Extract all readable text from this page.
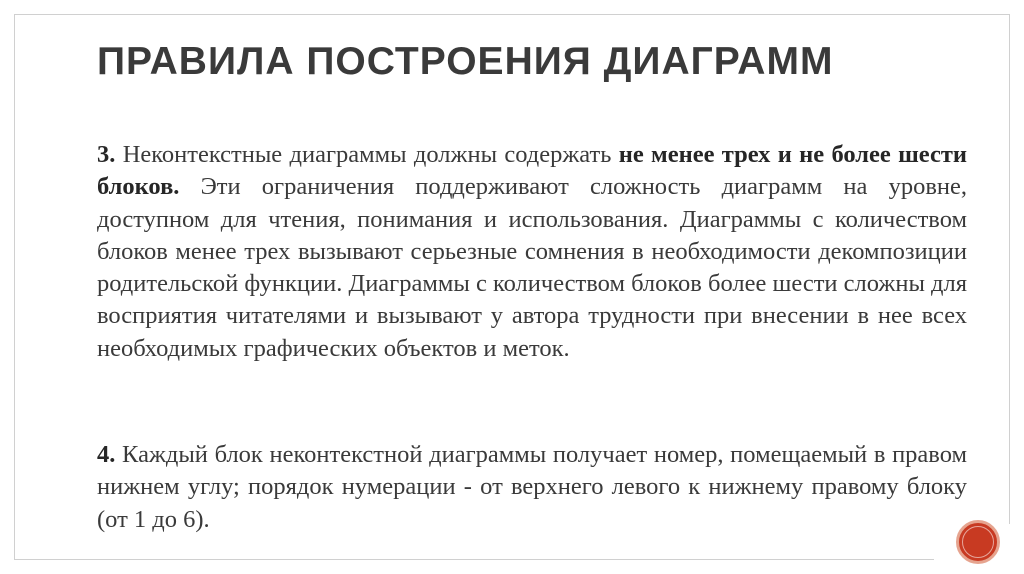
ПРАВИЛА ПОСТРОЕНИЯ ДИАГРАММ
3. Неконтекстные диаграммы должны содержать не менее трех и не более шести блоков. Эти ограничения поддерживают сложность диаграмм на уровне, доступном для чтения, понимания и использования. Диаграммы с количеством блоков менее трех вызывают серьезные сомнения в необходимости декомпозиции родительской функции. Диаграммы с количеством блоков более шести сложны для восприятия читателями и вызывают у автора трудности при внесении в нее всех необходимых графических объектов и меток.
4. Каждый блок неконтекстной диаграммы получает номер, помещаемый в правом нижнем углу; порядок нумерации - от верхнего левого к нижнему правому блоку (от 1 до 6).
